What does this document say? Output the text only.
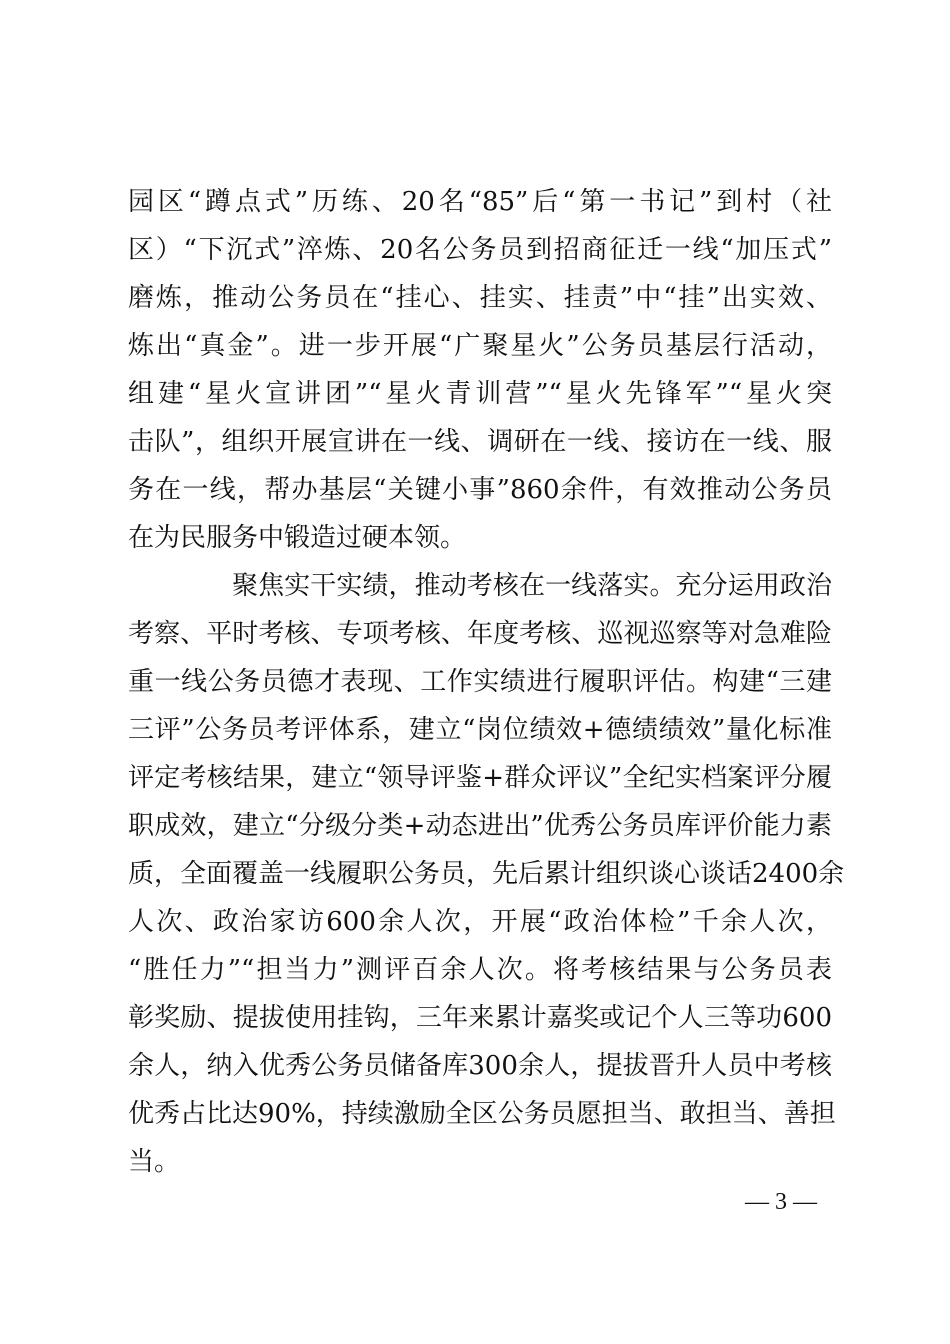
园区“蹲点式”历练、20名“85”后“第一书记”到村（社
区）“下沉式”淬炼、20名公务员到招商征迁一线“加压式”
磨炼，推动公务员在“挂心、挂实、挂责”中“挂”出实效、
炼出“真金”。进一步开展“广聚星火”公务员基层行活动，
组建“星火宣讲团”“星火青训营”“星火先锋军”“星火突
击队”，组织开展宣讲在一线、调研在一线、接访在一线、服
务在一线，帮办基层“关键小事”860余件，有效推动公务员
在为民服务中锻造过硬本领。
聚焦实干实绩，推动考核在一线落实。充分运用政治
考察、平时考核、专项考核、年度考核、巡视巡察等对急难险
重一线公务员德才表现、工作实绩进行履职评估。构建“三建
三评”公务员考评体系，建立“岗位绩效+德绩绩效”量化标准
评定考核结果，建立“领导评鉴+群众评议”全纪实档案评分履
职成效，建立“分级分类+动态进出”优秀公务员库评价能力素
质，全面覆盖一线履职公务员，先后累计组织谈心谈话2400余
人次、政治家访600余人次，开展“政治体检”千余人次，
“胜任力”“担当力”测评百余人次。将考核结果与公务员表
彰奖励、提拔使用挂钩，三年来累计嘉奖或记个人三等功600
余人，纳入优秀公务员储备库300余人，提拔晋升人员中考核
优秀占比达90%，持续激励全区公务员愿担当、敢担当、善担
当。
— 3 —
